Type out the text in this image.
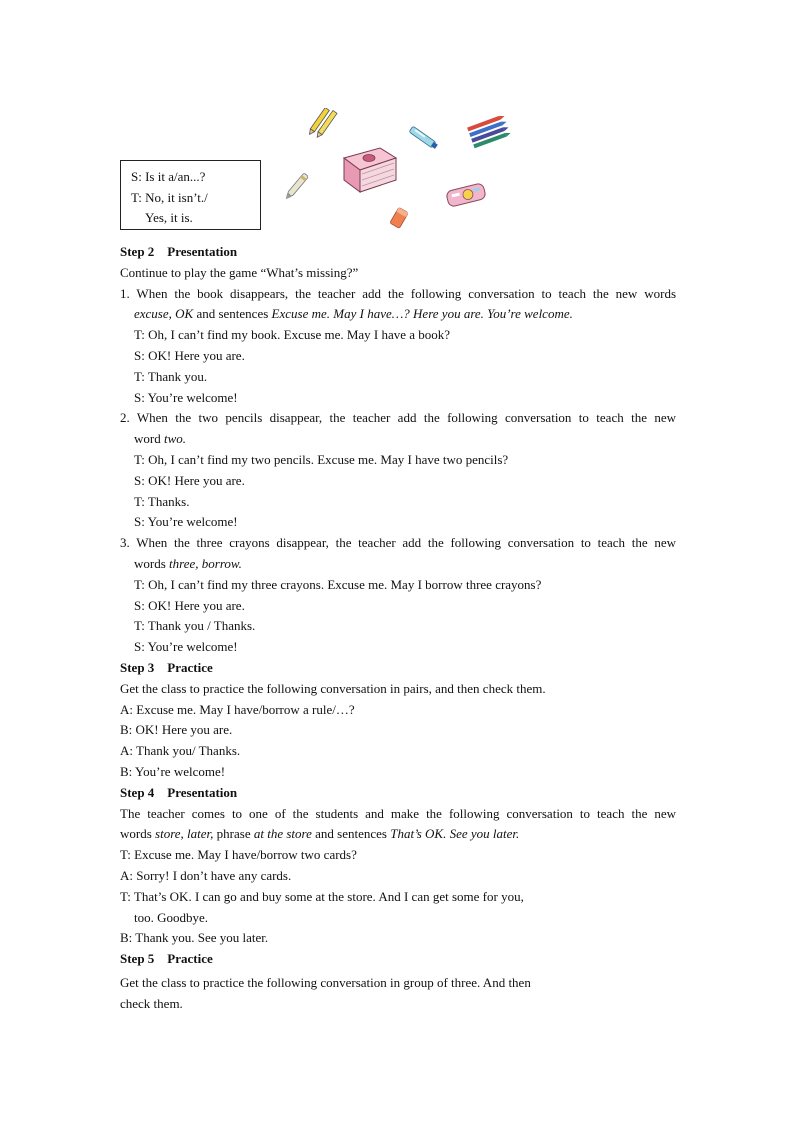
S: Is it a/an...?
T: No, it isn’t./
Yes, it is.
Step 2    Presentation
Continue to play the game “What’s missing?”
1. When the book disappears, the teacher add the following conversation to teach the new words
excuse, OK and sentences Excuse me. May I have…? Here you are. You’re welcome.
T: Oh, I can’t find my book. Excuse me. May I have a book?
S: OK! Here you are.
T: Thank you.
S: You’re welcome!
2. When the two pencils disappear, the teacher add the following conversation to teach the new
word two.
T: Oh, I can’t find my two pencils. Excuse me. May I have two pencils?
S: OK! Here you are.
T: Thanks.
S: You’re welcome!
3. When the three crayons disappear, the teacher add the following conversation to teach the new
words three, borrow.
T: Oh, I can’t find my three crayons. Excuse me. May I borrow three crayons?
S: OK! Here you are.
T: Thank you / Thanks.
S: You’re welcome!
Step 3    Practice
Get the class to practice the following conversation in pairs, and then check them.
A: Excuse me. May I have/borrow a rule/…?
B: OK! Here you are.
A: Thank you/ Thanks.
B: You’re welcome!
Step 4    Presentation
The teacher comes to one of the students and make the following conversation to teach the new
words store, later, phrase at the store and sentences That’s OK. See you later.
T: Excuse me. May I have/borrow two cards?
A: Sorry! I don’t have any cards.
T: That’s OK. I can go and buy some at the store. And I can get some for you,
too. Goodbye.
B: Thank you. See you later.
Step 5    Practice
Get the class to practice the following conversation in group of three. And then
check them.
